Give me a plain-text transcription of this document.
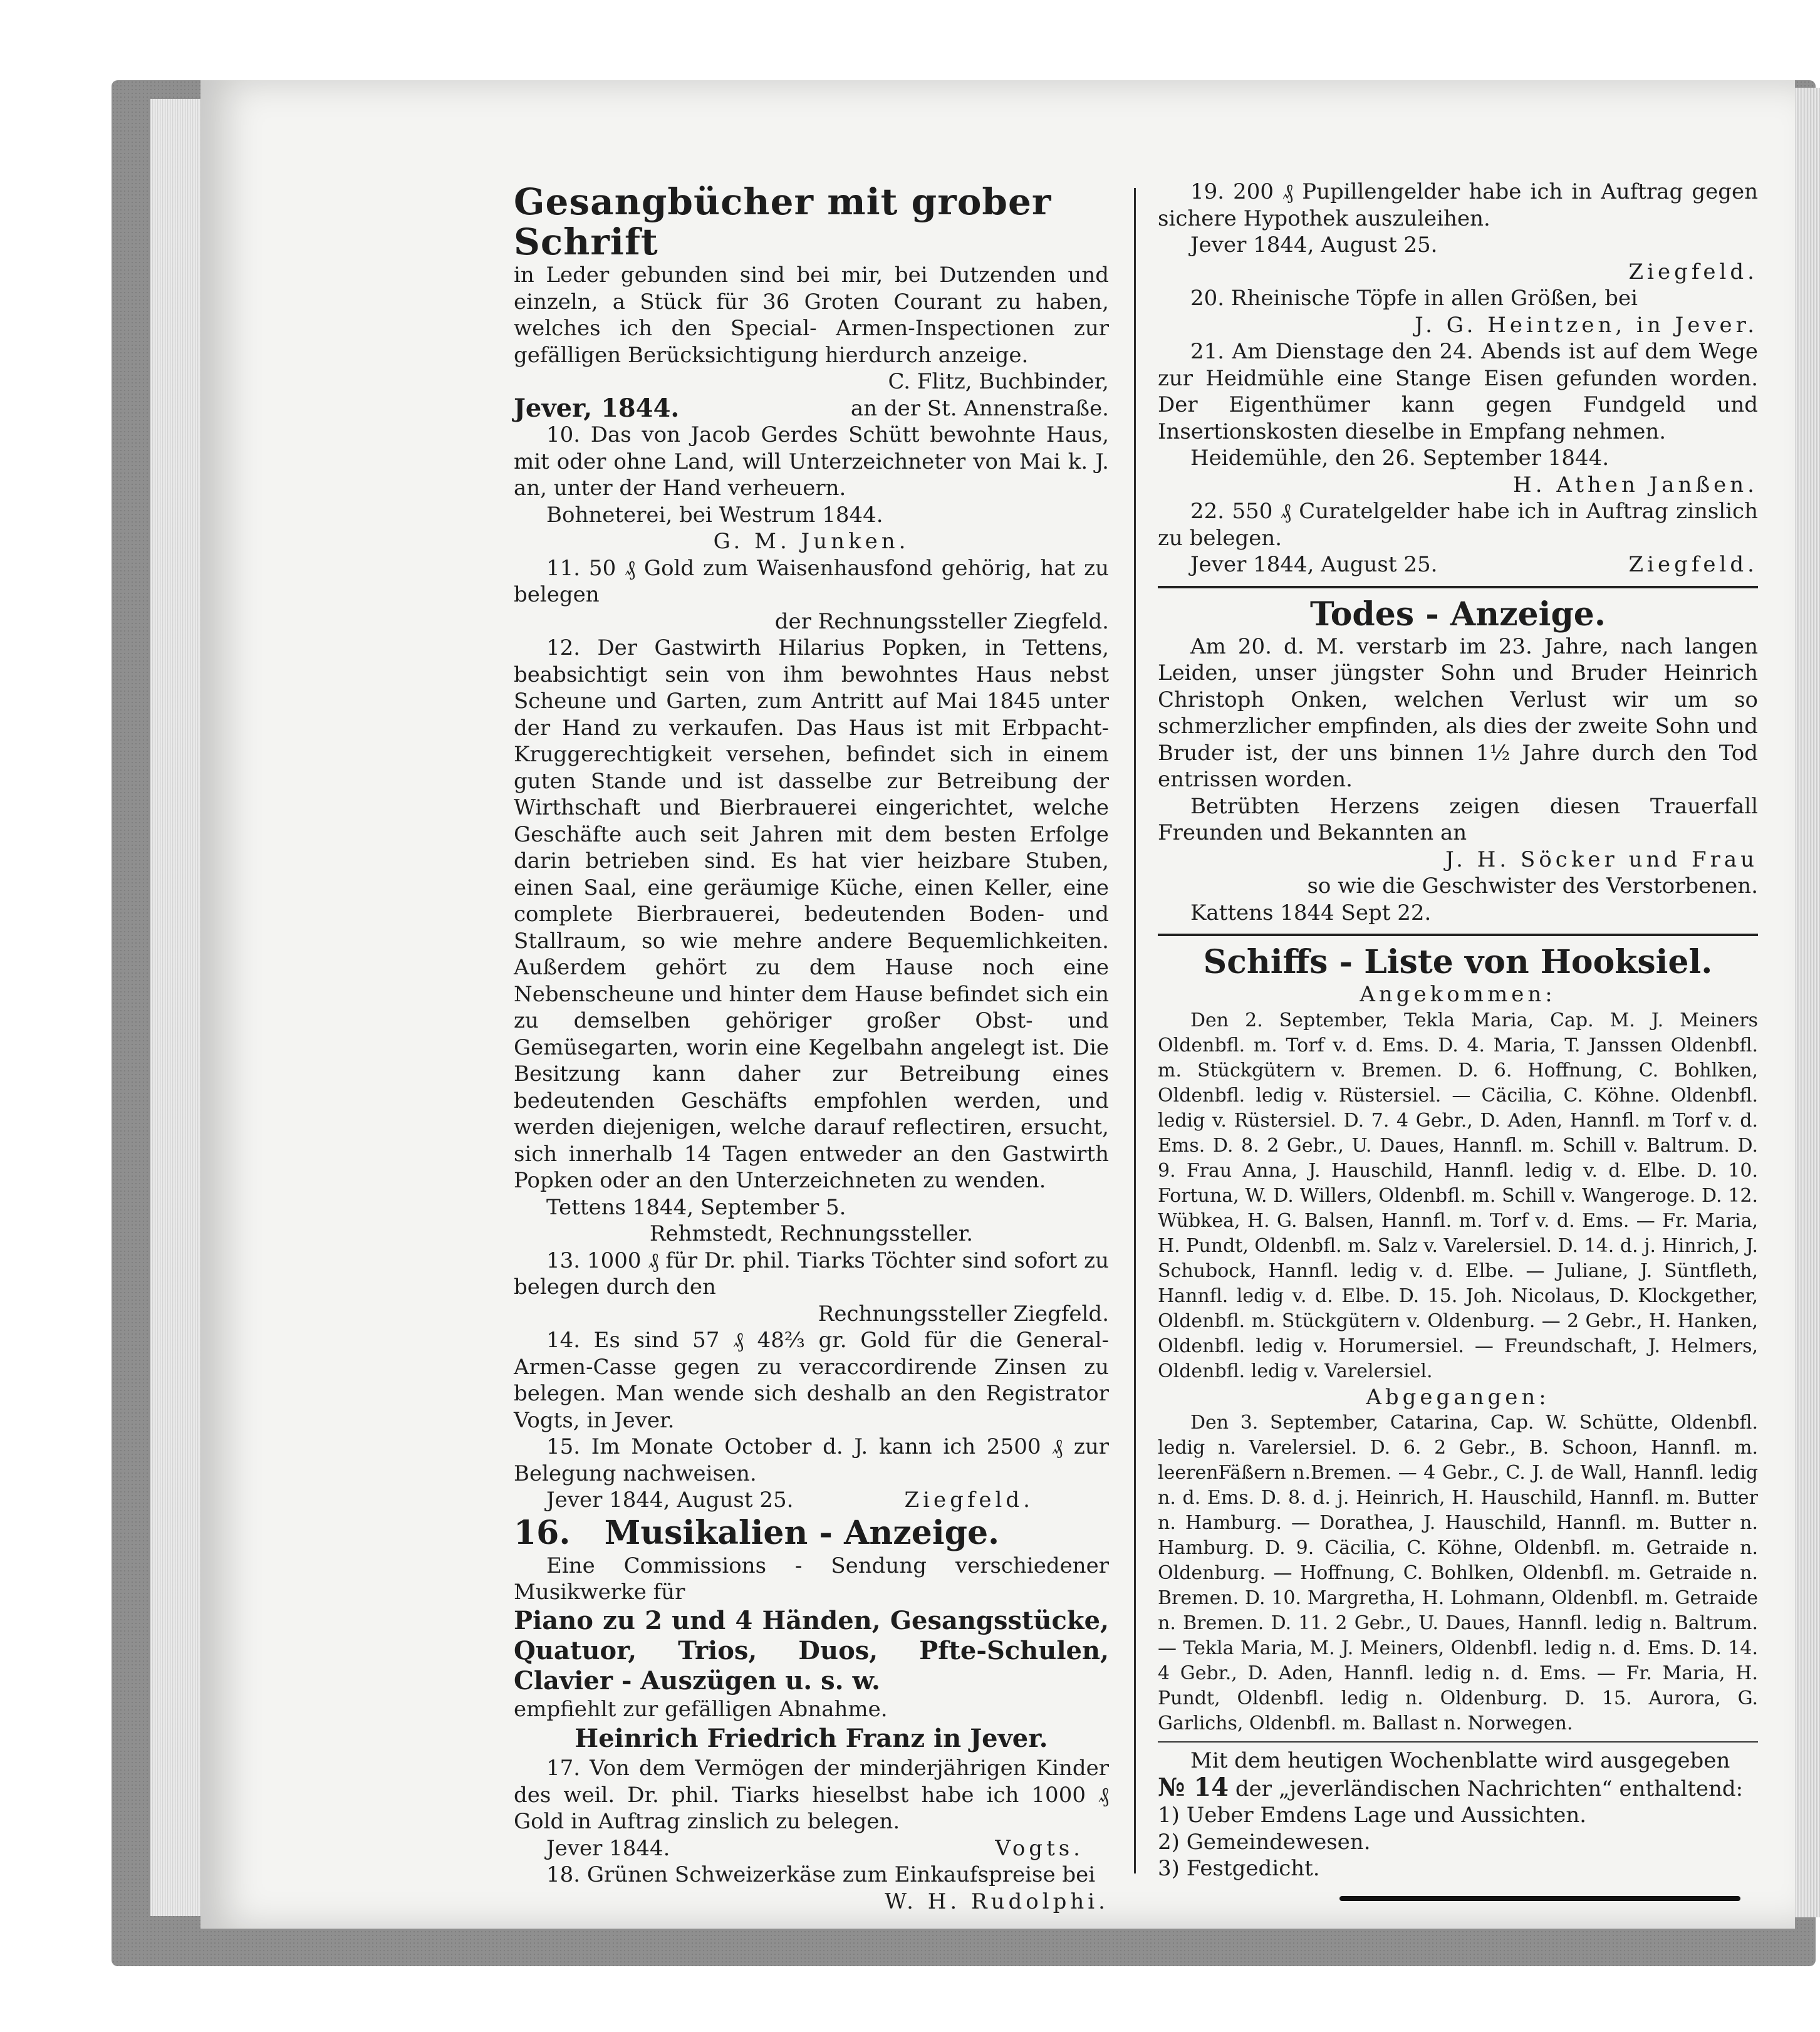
Gesangbücher mit grober Schrift

in Leder gebunden sind bei mir, bei Dutzenden und einzeln, a Stück für 36 Groten Courant zu haben, welches ich den Special- Armen-Inspectionen zur gefälligen Berücksichtigung hierdurch anzeige.

C. Flitz, Buchbinder,

Jever, 1844.	an der St. Annenstraße.

10. Das von Jacob Gerdes Schütt bewohnte Haus, mit oder ohne Land, will Unterzeichneter von Mai k. J. an, unter der Hand verheuern.

Bohneterei, bei Westrum 1844.

G. M. Junken.

11. 50 ₰ Gold zum Waisenhausfond gehörig, hat zu belegen

der Rechnungssteller Ziegfeld.

12. Der Gastwirth Hilarius Popken, in Tettens, beabsichtigt sein von ihm bewohntes Haus nebst Scheune und Garten, zum Antritt auf Mai 1845 unter der Hand zu verkaufen. Das Haus ist mit Erbpacht-Kruggerechtigkeit versehen, befindet sich in einem guten Stande und ist dasselbe zur Betreibung der Wirthschaft und Bierbrauerei eingerichtet, welche Geschäfte auch seit Jahren mit dem besten Erfolge darin betrieben sind. Es hat vier heizbare Stuben, einen Saal, eine geräumige Küche, einen Keller, eine complete Bierbrauerei, bedeutenden Boden- und Stallraum, so wie mehre andere Bequemlichkeiten. Außerdem gehört zu dem Hause noch eine Nebenscheune und hinter dem Hause befindet sich ein zu demselben gehöriger großer Obst- und Gemüsegarten, worin eine Kegelbahn angelegt ist. Die Besitzung kann daher zur Betreibung eines bedeutenden Geschäfts empfohlen werden, und werden diejenigen, welche darauf reflectiren, ersucht, sich innerhalb 14 Tagen entweder an den Gastwirth Popken oder an den Unterzeichneten zu wenden.

Tettens 1844, September 5.

Rehmstedt, Rechnungssteller.

13. 1000 ₰ für Dr. phil. Tiarks Töchter sind sofort zu belegen durch den

Rechnungssteller Ziegfeld.

14. Es sind 57 ₰ 48⅔ gr. Gold für die General-Armen-Casse gegen zu veraccordirende Zinsen zu belegen. Man wende sich deshalb an den Registrator Vogts, in Jever.

15. Im Monate October d. J. kann ich 2500 ₰ zur Belegung nachweisen.

Jever 1844, August 25.	Ziegfeld.

16. Musikalien - Anzeige.

Eine Commissions - Sendung verschiedener Musikwerke für

Piano zu 2 und 4 Händen, Gesangsstücke, Quatuor, Trios, Duos, Pfte-Schulen, Clavier - Auszügen u. s. w.

empfiehlt zur gefälligen Abnahme.

Heinrich Friedrich Franz in Jever.

17. Von dem Vermögen der minderjährigen Kinder des weil. Dr. phil. Tiarks hieselbst habe ich 1000 ₰ Gold in Auftrag zinslich zu belegen.

Jever 1844.	Vogts.

18. Grünen Schweizerkäse zum Einkaufspreise bei

W. H. Rudolphi.

19. 200 ₰ Pupillengelder habe ich in Auftrag gegen sichere Hypothek auszuleihen.

Jever 1844, August 25.

Ziegfeld.

20. Rheinische Töpfe in allen Größen, bei

J. G. Heintzen, in Jever.

21. Am Dienstage den 24. Abends ist auf dem Wege zur Heidmühle eine Stange Eisen gefunden worden. Der Eigenthümer kann gegen Fundgeld und Insertionskosten dieselbe in Empfang nehmen.

Heidemühle, den 26. September 1844.

H. Athen Janßen.

22. 550 ₰ Curatelgelder habe ich in Auftrag zinslich zu belegen.

Jever 1844, August 25.	Ziegfeld.

Todes - Anzeige.

Am 20. d. M. verstarb im 23. Jahre, nach langen Leiden, unser jüngster Sohn und Bruder Heinrich Christoph Onken, welchen Verlust wir um so schmerzlicher empfinden, als dies der zweite Sohn und Bruder ist, der uns binnen 1½ Jahre durch den Tod entrissen worden.

Betrübten Herzens zeigen diesen Trauerfall Freunden und Bekannten an

J. H. Söcker und Frau

so wie die Geschwister des Verstorbenen.

Kattens 1844 Sept 22.

Schiffs - Liste von Hooksiel.

Angekommen:

Den 2. September, Tekla Maria, Cap. M. J. Meiners Oldenbfl. m. Torf v. d. Ems. D. 4. Maria, T. Janssen Oldenbfl. m. Stückgütern v. Bremen. D. 6. Hoffnung, C. Bohlken, Oldenbfl. ledig v. Rüstersiel. — Cäcilia, C. Köhne. Oldenbfl. ledig v. Rüstersiel. D. 7. 4 Gebr., D. Aden, Hannfl. m Torf v. d. Ems. D. 8. 2 Gebr., U. Daues, Hannfl. m. Schill v. Baltrum. D. 9. Frau Anna, J. Hauschild, Hannfl. ledig v. d. Elbe. D. 10. Fortuna, W. D. Willers, Oldenbfl. m. Schill v. Wangeroge. D. 12. Wübkea, H. G. Balsen, Hannfl. m. Torf v. d. Ems. — Fr. Maria, H. Pundt, Oldenbfl. m. Salz v. Varelersiel. D. 14. d. j. Hinrich, J. Schubock, Hannfl. ledig v. d. Elbe. — Juliane, J. Süntfleth, Hannfl. ledig v. d. Elbe. D. 15. Joh. Nicolaus, D. Klockgether, Oldenbfl. m. Stückgütern v. Oldenburg. — 2 Gebr., H. Hanken, Oldenbfl. ledig v. Horumersiel. — Freundschaft, J. Helmers, Oldenbfl. ledig v. Varelersiel.

Abgegangen:

Den 3. September, Catarina, Cap. W. Schütte, Oldenbfl. ledig n. Varelersiel. D. 6. 2 Gebr., B. Schoon, Hannfl. m. leerenFäßern n.Bremen. — 4 Gebr., C. J. de Wall, Hannfl. ledig n. d. Ems. D. 8. d. j. Heinrich, H. Hauschild, Hannfl. m. Butter n. Hamburg. — Dorathea, J. Hauschild, Hannfl. m. Butter n. Hamburg. D. 9. Cäcilia, C. Köhne, Oldenbfl. m. Getraide n. Oldenburg. — Hoffnung, C. Bohlken, Oldenbfl. m. Getraide n. Bremen. D. 10. Margretha, H. Lohmann, Oldenbfl. m. Getraide n. Bremen. D. 11. 2 Gebr., U. Daues, Hannfl. ledig n. Baltrum. — Tekla Maria, M. J. Meiners, Oldenbfl. ledig n. d. Ems. D. 14. 4 Gebr., D. Aden, Hannfl. ledig n. d. Ems. — Fr. Maria, H. Pundt, Oldenbfl. ledig n. Oldenburg. D. 15. Aurora, G. Garlichs, Oldenbfl. m. Ballast n. Norwegen.

Mit dem heutigen Wochenblatte wird ausgegeben

№ 14 der „jeverländischen Nachrichten“ enthaltend:

1) Ueber Emdens Lage und Aussichten.

2) Gemeindewesen.

3) Festgedicht.
